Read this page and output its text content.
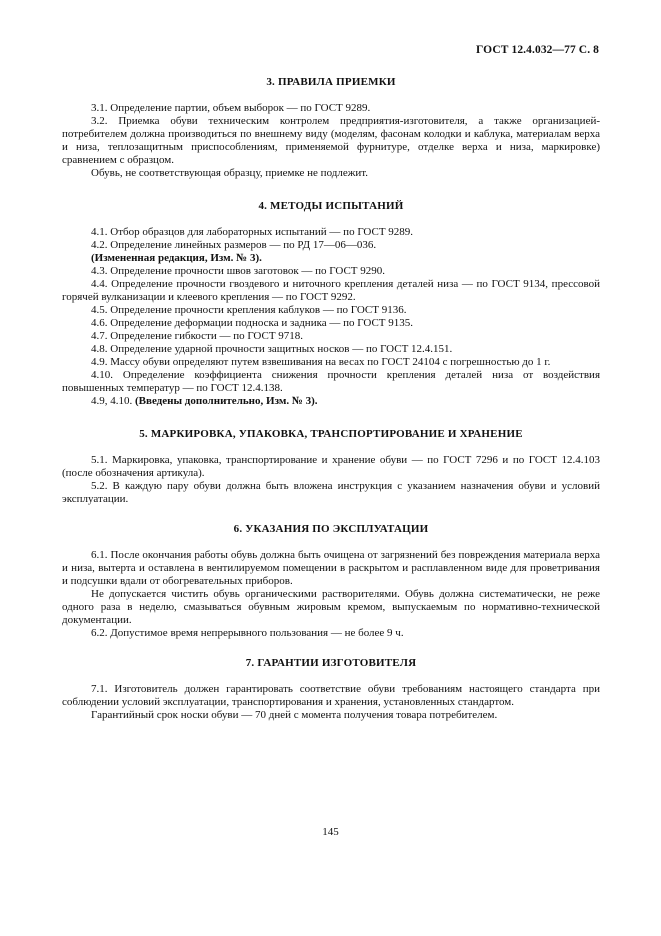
ГОСТ 12.4.032—77 С. 8
3. ПРАВИЛА ПРИЕМКИ

3.1. Определение партии, объем выборок — по ГОСТ 9289.

3.2. Приемка обуви техническим контролем предприятия-изготовителя, а также организацией-потребителем должна производиться по внешнему виду (моделям, фасонам колодки и каблука, материалам верха и низа, теплозащитным приспособлениям, применяемой фурнитуре, отделке верха и низа, маркировке) сравнением с образцом.

Обувь, не соответствующая образцу, приемке не подлежит.

4. МЕТОДЫ ИСПЫТАНИЙ

4.1. Отбор образцов для лабораторных испытаний — по ГОСТ 9289.

4.2. Определение линейных размеров — по РД 17—06—036.

(Измененная редакция, Изм. № 3).

4.3. Определение прочности швов заготовок — по ГОСТ 9290.

4.4. Определение прочности гвоздевого и ниточного крепления деталей низа — по ГОСТ 9134, прессовой горячей вулканизации и клеевого крепления — по ГОСТ 9292.

4.5. Определение прочности крепления каблуков — по ГОСТ 9136.

4.6. Определение деформации подноска и задника — по ГОСТ 9135.

4.7. Определение гибкости — по ГОСТ 9718.

4.8. Определение ударной прочности защитных носков — по ГОСТ 12.4.151.

4.9. Массу обуви определяют путем взвешивания на весах по ГОСТ 24104 с погрешностью до 1 г.

4.10. Определение коэффициента снижения прочности крепления деталей низа от воздействия повышенных температур — по ГОСТ 12.4.138.

4.9, 4.10. (Введены дополнительно, Изм. № 3).

5. МАРКИРОВКА, УПАКОВКА, ТРАНСПОРТИРОВАНИЕ И ХРАНЕНИЕ

5.1. Маркировка, упаковка, транспортирование и хранение обуви — по ГОСТ 7296 и по ГОСТ 12.4.103 (после обозначения артикула).

5.2. В каждую пару обуви должна быть вложена инструкция с указанием назначения обуви и условий эксплуатации.

6. УКАЗАНИЯ ПО ЭКСПЛУАТАЦИИ

6.1. После окончания работы обувь должна быть очищена от загрязнений без повреждения материала верха и низа, вытерта и оставлена в вентилируемом помещении в раскрытом и расплавленном виде для проветривания и подсушки вдали от обогревательных приборов.

Не допускается чистить обувь органическими растворителями. Обувь должна систематически, не реже одного раза в неделю, смазываться обувным жировым кремом, выпускаемым по нормативно-технической документации.

6.2. Допустимое время непрерывного пользования — не более 9 ч.

7. ГАРАНТИИ ИЗГОТОВИТЕЛЯ

7.1. Изготовитель должен гарантировать соответствие обуви требованиям настоящего стандарта при соблюдении условий эксплуатации, транспортирования и хранения, установленных стандартом.

Гарантийный срок носки обуви — 70 дней с момента получения товара потребителем.

145
